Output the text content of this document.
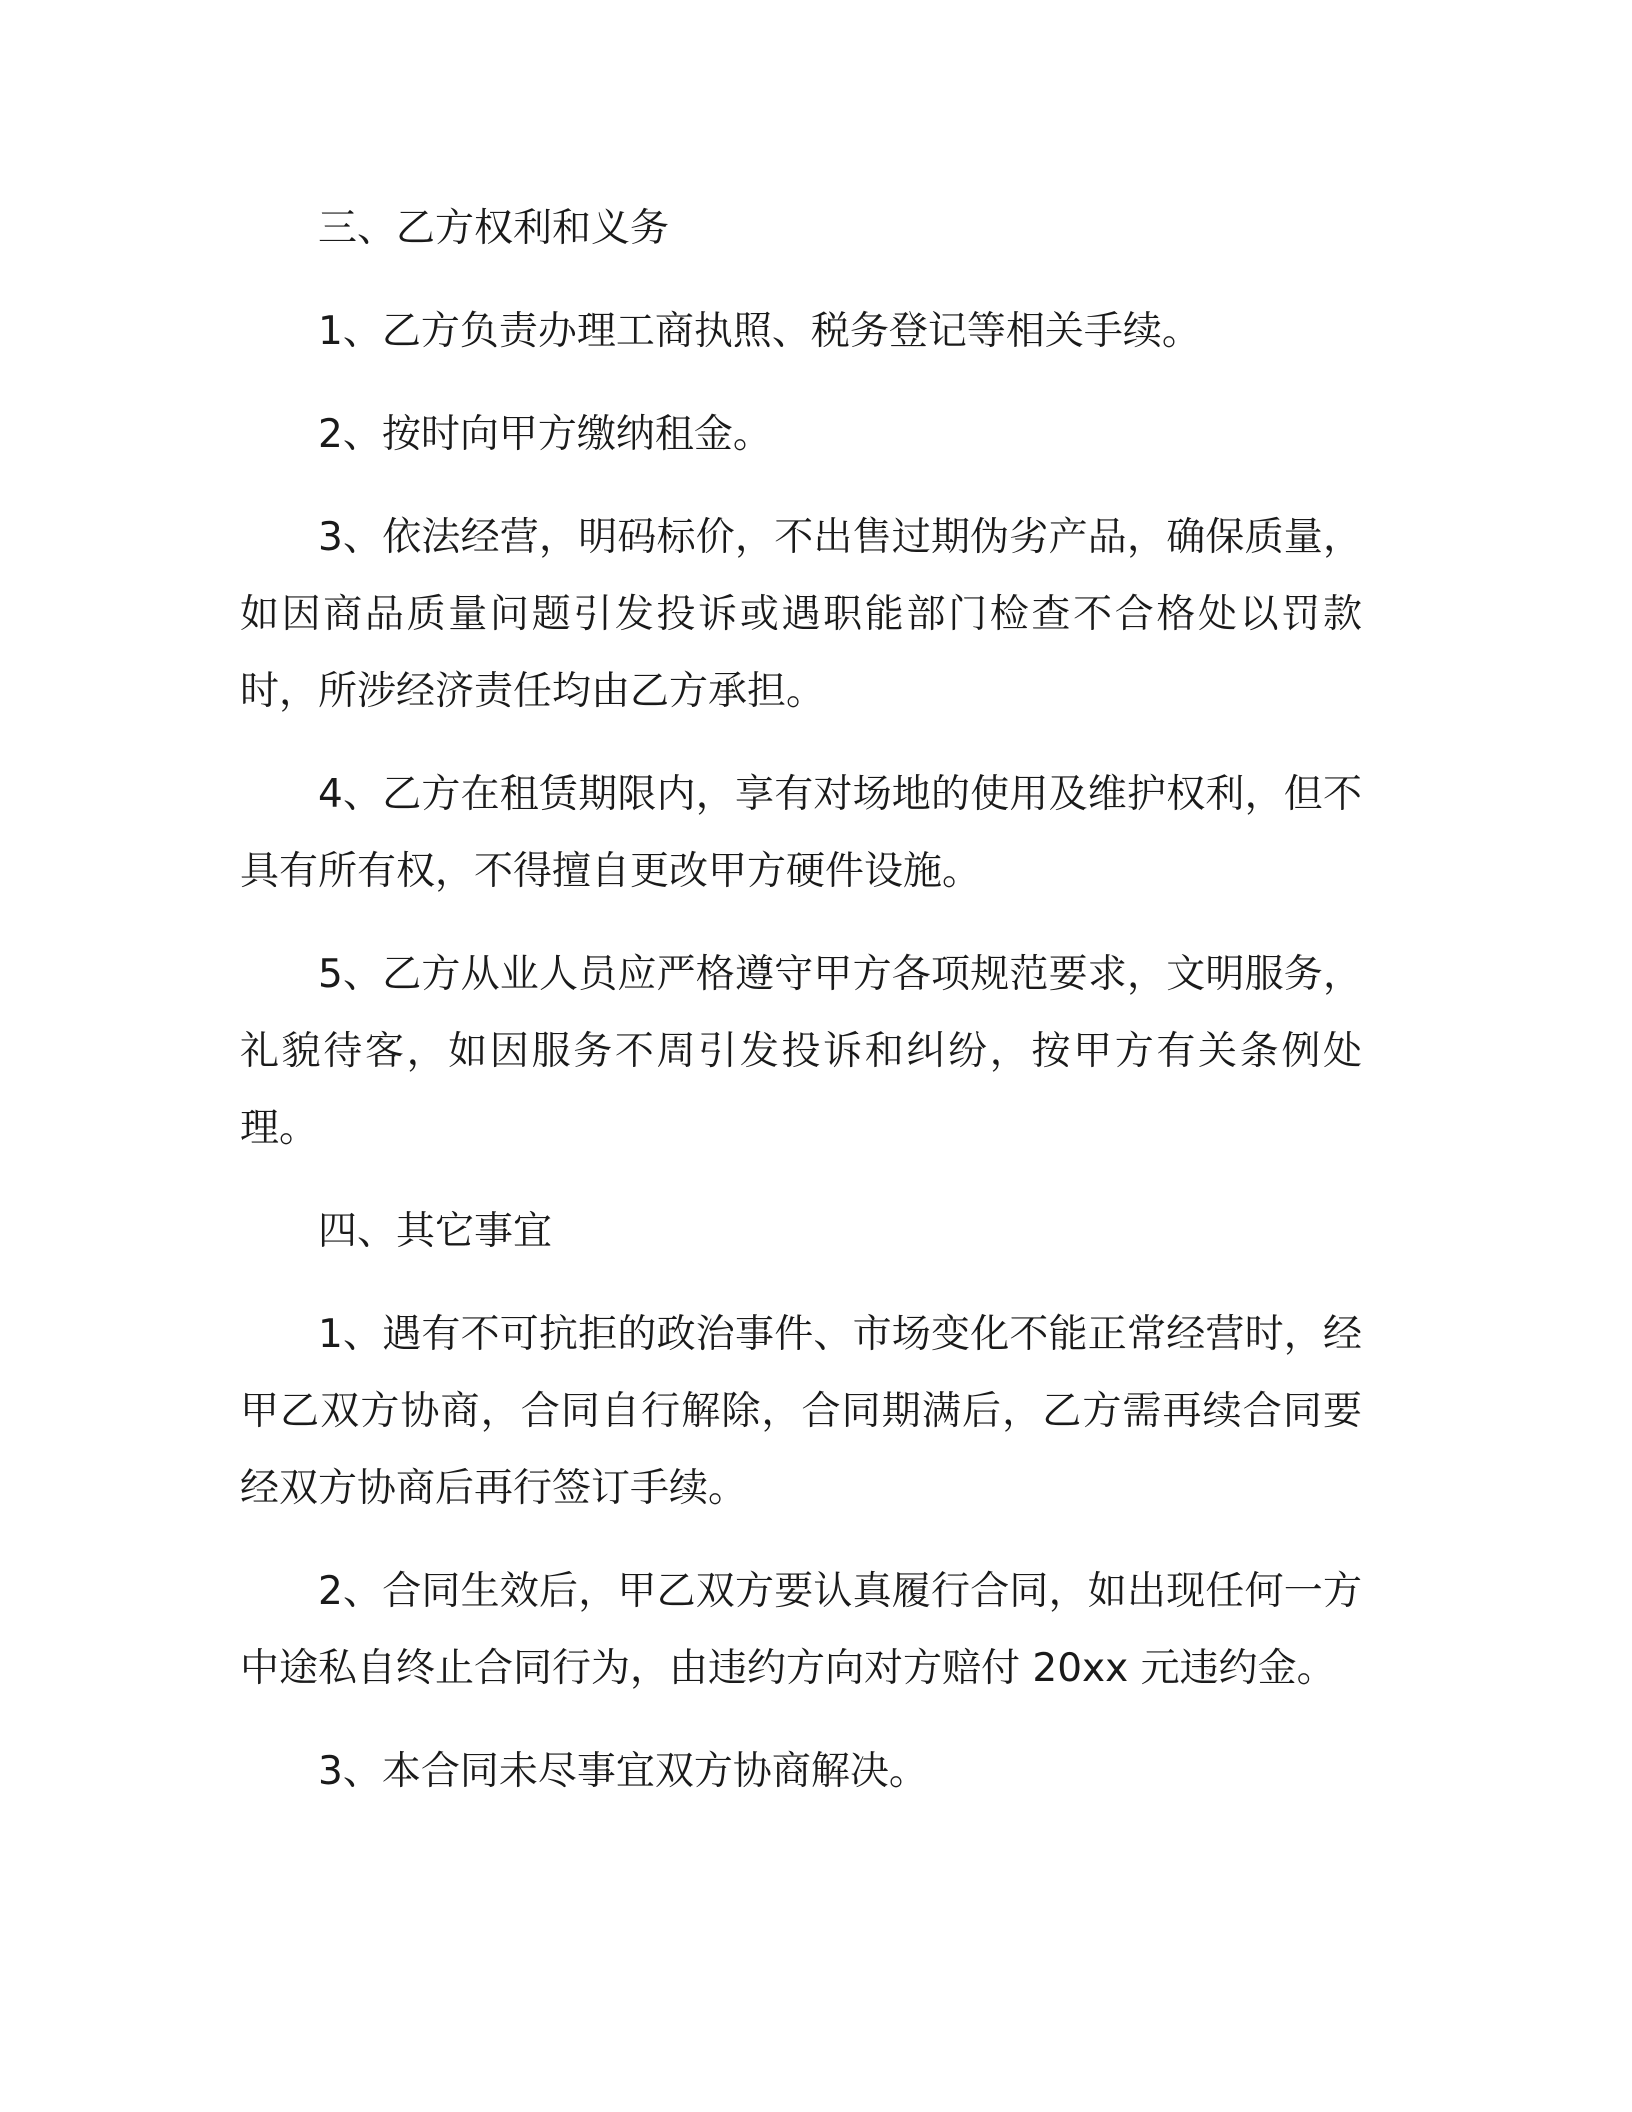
三、乙方权利和义务

1、乙方负责办理工商执照、税务登记等相关手续。

2、按时向甲方缴纳租金。

3、依法经营，明码标价，不出售过期伪劣产品，确保质量，如因商品质量问题引发投诉或遇职能部门检查不合格处以罚款时，所涉经济责任均由乙方承担。

4、乙方在租赁期限内，享有对场地的使用及维护权利，但不具有所有权，不得擅自更改甲方硬件设施。

5、乙方从业人员应严格遵守甲方各项规范要求，文明服务，礼貌待客，如因服务不周引发投诉和纠纷，按甲方有关条例处理。

四、其它事宜

1、遇有不可抗拒的政治事件、市场变化不能正常经营时，经甲乙双方协商，合同自行解除，合同期满后，乙方需再续合同要经双方协商后再行签订手续。

2、合同生效后，甲乙双方要认真履行合同，如出现任何一方中途私自终止合同行为，由违约方向对方赔付 20xx 元违约金。

3、本合同未尽事宜双方协商解决。
